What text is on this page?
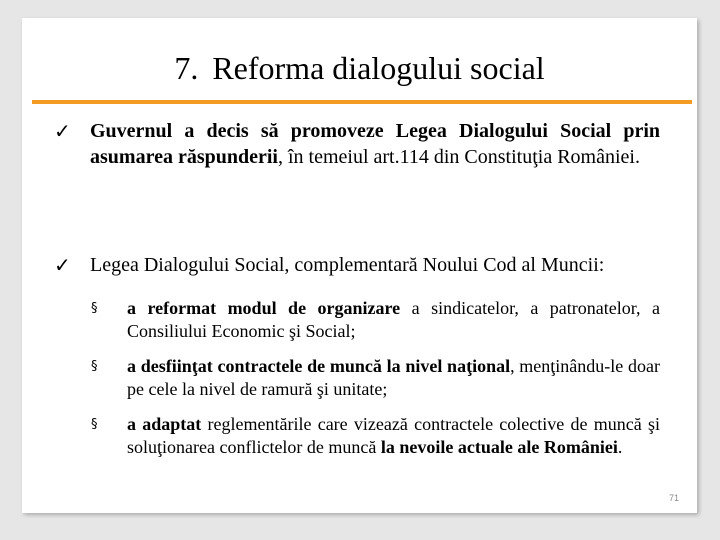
7. Reforma dialogului social
✓ Guvernul a decis să promoveze Legea Dialogului Social prin asumarea răspunderii, în temeiul art.114 din Constituţia României.
✓ Legea Dialogului Social, complementară Noului Cod al Muncii:
§ a reformat modul de organizare a sindicatelor, a patronatelor, a Consiliului Economic şi Social;
§ a desfiinţat contractele de muncă la nivel naţional, menţinându-le doar pe cele la nivel de ramură şi unitate;
§ a adaptat reglementările care vizează contractele colective de muncă şi soluţionarea conflictelor de muncă la nevoile actuale ale României.
71
